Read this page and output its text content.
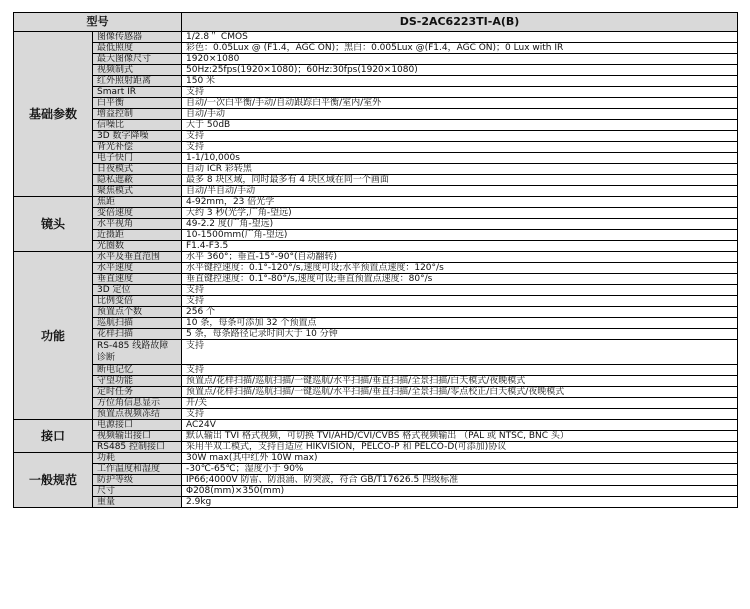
型号		DS-2AC6223TI-A(B)
基础参数	图像传感器	1/2.8＂ CMOS
	最低照度	彩色：0.05Lux @ (F1.4，AGC ON)；黑白：0.005Lux @(F1.4，AGC ON)；0 Lux with IR
	最大图像尺寸	1920×1080
	视频制式	50Hz:25fps(1920×1080)；60Hz:30fps(1920×1080)
	红外照射距离	150 米
	Smart IR	支持
	白平衡	自动/一次白平衡/手动/自动跟踪白平衡/室内/室外
	增益控制	自动/手动
	信噪比	大于 50dB
	3D 数字降噪	支持
	背光补偿	支持
	电子快门	1-1/10,000s
	日夜模式	自动 ICR 彩转黑
	隐私遮蔽	最多 8 块区域，同时最多有 4 块区域在同一个画面
	聚焦模式	自动/半自动/手动
镜头	焦距	4-92mm，23 倍光学
	变倍速度	大约 3 秒(光学,广角-望远)
	水平视角	49-2.2 度(广角-望远)
	近摄距	10-1500mm(广角-望远)
	光圈数	F1.4-F3.5
功能	水平及垂直范围	水平 360°；垂直-15°-90°(自动翻转)
	水平速度	水平键控速度：0.1°-120°/s,速度可设;水平预置点速度：120°/s
	垂直速度	垂直键控速度：0.1°-80°/s,速度可设;垂直预置点速度：80°/s
	3D 定位	支持
	比例变倍	支持
	预置点个数	256 个
	巡航扫描	10 条，每条可添加 32 个预置点
	花样扫描	5 条，每条路径记录时间大于 10 分钟
	RS-485 线路故障诊断	支持
	断电记忆	支持
	守望功能	预置点/花样扫描/巡航扫描/一键巡航/水平扫描/垂直扫描/全景扫描/白天模式/夜晚模式
	定时任务	预置点/花样扫描/巡航扫描/一键巡航/水平扫描/垂直扫描/全景扫描/零点校正/白天模式/夜晚模式
	方位角信息显示	开/关
	预置点视频冻结	支持
接口	电源接口	AC24V
	视频输出接口	默认输出 TVI 格式视频，可切换 TVI/AHD/CVI/CVBS 格式视频输出 （PAL 或 NTSC, BNC 头）
	RS485 控制接口	采用半双工模式，支持自适应 HIKVISION，PELCO-P 和 PELCO-D(可添加)协议
一般规范	功耗	30W max(其中红外 10W max)
	工作温度和湿度	-30℃-65℃；湿度小于 90%
	防护等级	IP66;4000V 防雷、防浪涌、防突波，符合 GB/T17626.5 四级标准
	尺寸	Φ208(mm)×350(mm)
	重量	2.9kg
